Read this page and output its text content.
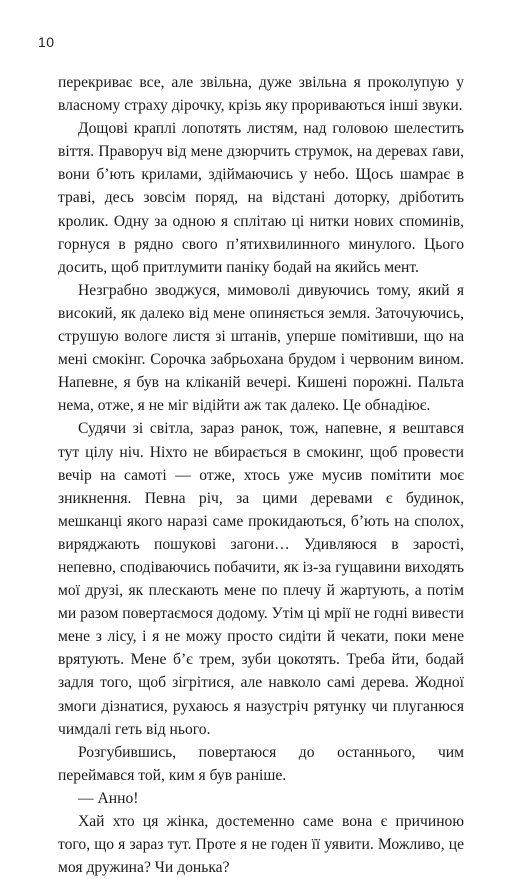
10

перекриває все, але звільна, дуже звільна я проколупую у власному страху дірочку, крізь яку прориваються інші звуки.

Дощові краплі лопотять листям, над головою шелестить віття. Праворуч від мене дзюрчить струмок, на деревах ґави, вони б’ють крилами, здіймаючись у небо. Щось шамрає в траві, десь зовсім поряд, на відстані доторку, дріботить кролик. Одну за одною я сплітаю ці нитки нових споминів, горнуся в рядно свого п’ятихвилинного минулого. Цього досить, щоб притлумити паніку бодай на якийсь мент.

Незграбно зводжуся, мимоволі дивуючись тому, який я високий, як далеко від мене опиняється земля. Заточуючись, струшую вологе листя зі штанів, уперше помітивши, що на мені смокінг. Сорочка забрьохана брудом і червоним вином. Напевне, я був на кліканій вечері. Кишені порожні. Пальта нема, отже, я не міг відійти аж так далеко. Це обнадіює.

Судячи зі світла, зараз ранок, тож, напевне, я вештався тут цілу ніч. Ніхто не вбирається в смокинг, щоб провести вечір на самоті — отже, хтось уже мусив помітити моє зникнення. Певна річ, за цими деревами є будинок, мешканці якого наразі саме прокидаються, б’ють на сполох, виряджають пошукові загони… Удивляюся в зарості, непевно, сподіваючись побачити, як із-за гущавини виходять мої друзі, як плескають мене по плечу й жартують, а потім ми разом повертаємося додому. Утім ці мрії не годні вивести мене з лісу, і я не можу просто сидіти й чекати, поки мене врятують. Мене б’є трем, зуби цокотять. Треба йти, бодай задля того, щоб зігрітися, але навколо самі дерева. Жодної змоги дізнатися, рухаюсь я назустріч рятунку чи плуганюся чимдалі геть від нього.

Розгубившись, повертаюся до останнього, чим переймався той, ким я був раніше.

— Анно!

Хай хто ця жінка, достеменно саме вона є причиною того, що я зараз тут. Проте я не годен її уявити. Можливо, це моя дружина? Чи донька?
